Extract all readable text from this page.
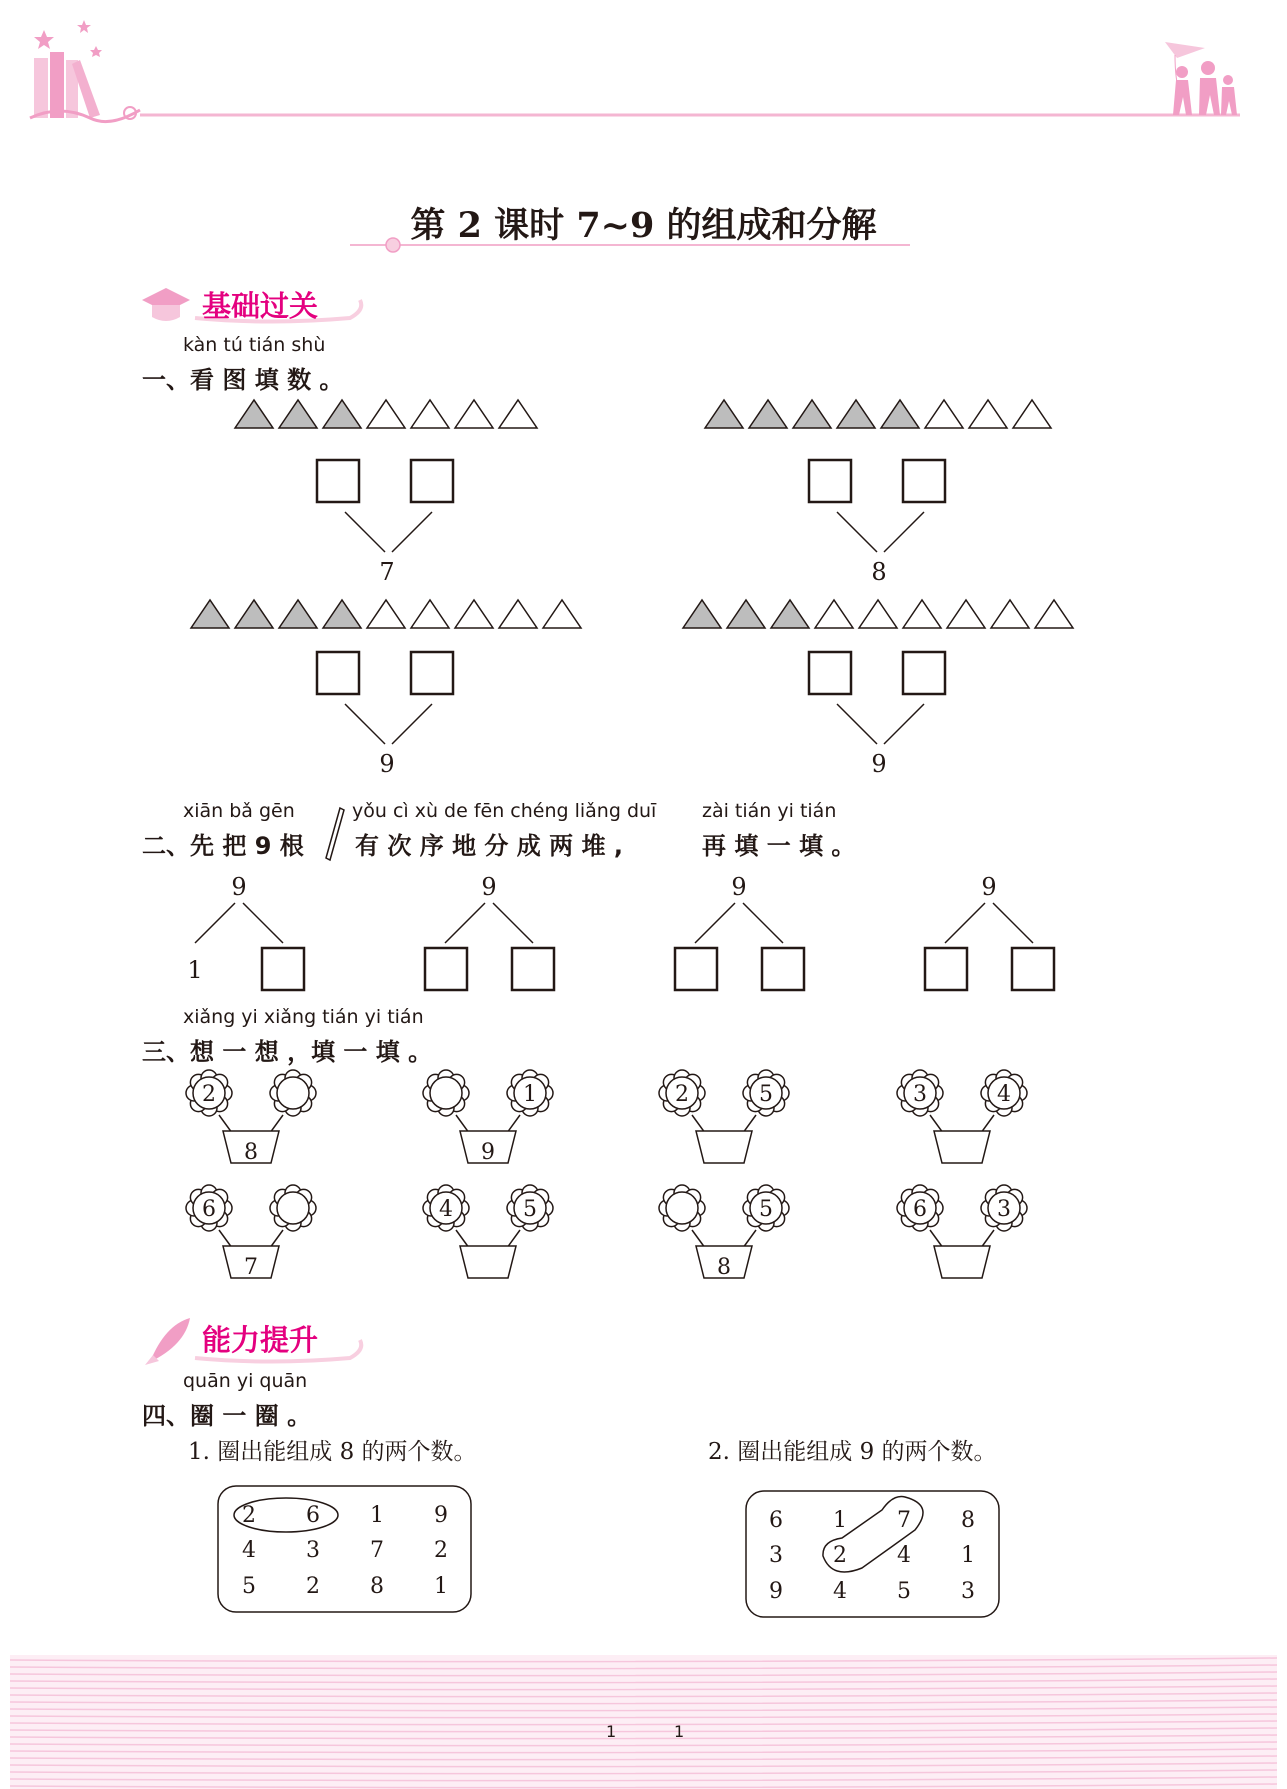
第 2 课时 7~9 的组成和分解
基础过关
能力提升
kàn tú tián shù
一、看 图 填 数 。
7	8
9	9
xiān bǎ gēn	yǒu cì xù de fēn chéng liǎng duī zài tián yi tián
二、先 把 9 根 有 次 序 地 分 成 两 堆 ,	再 填 一 填 。
9
1
9	9	9
xiǎng yi xiǎng tián yi tián
三、想 一 想 ，填 一 填 。
2
8
1
9
2	5	3	4
6
7
4	5	5
8
6	3
quān yi quān
四、圈 一 圈 。
1. 圈出能组成 8 的两个数。	2. 圈出能组成 9 的两个数。
2 6 1 9
4 3 7 2
5 2 8 1
6 1 7 8
3 2 4 1
9 4 5 3
1	1
